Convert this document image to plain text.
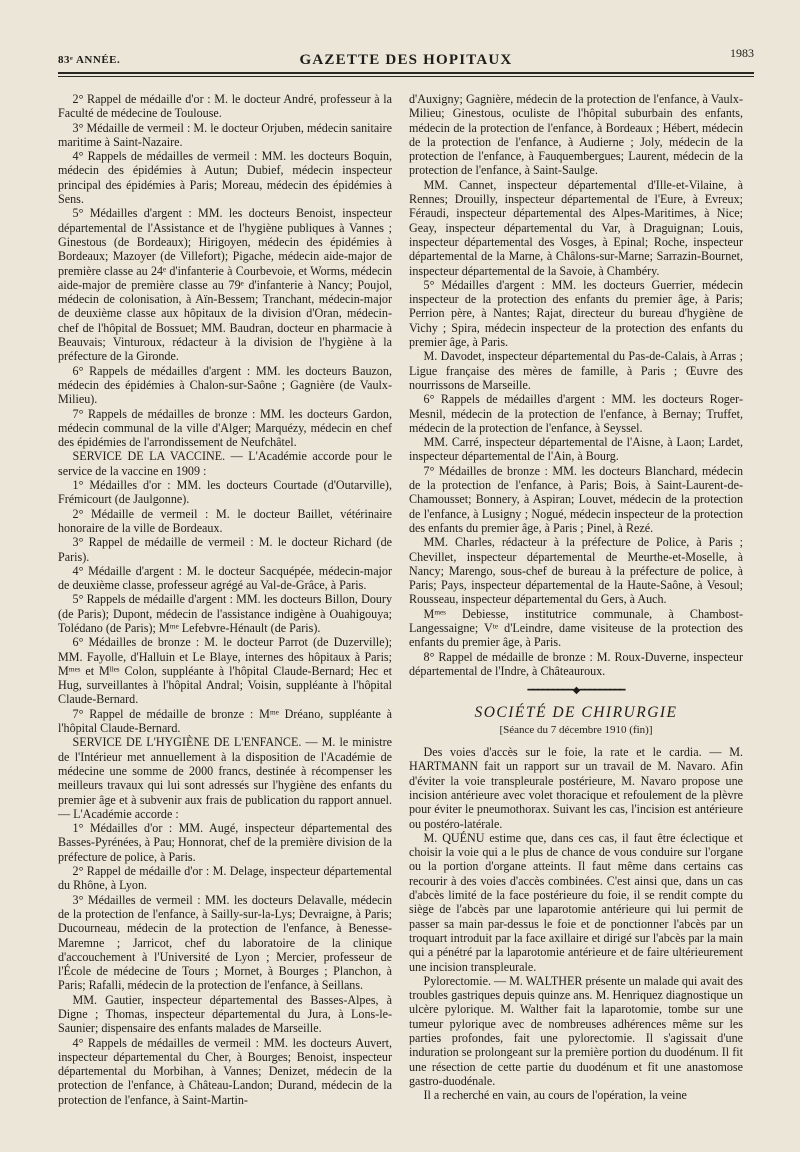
83ᵉ ANNÉE.	GAZETTE DES HOPITAUX	1983

2° Rappel de médaille d'or : M. le docteur André, professeur à la Faculté de médecine de Toulouse.

3° Médaille de vermeil : M. le docteur Orjuben, médecin sanitaire maritime à Saint-Nazaire.

4° Rappels de médailles de vermeil : MM. les docteurs Boquin, médecin des épidémies à Autun; Dubief, médecin inspecteur principal des épidémies à Paris; Moreau, médecin des épidémies à Sens.

5° Médailles d'argent : MM. les docteurs Benoist, inspecteur départemental de l'Assistance et de l'hygiène publiques à Vannes ; Ginestous (de Bordeaux); Hirigoyen, médecin des épidémies à Bordeaux; Mazoyer (de Villefort); Pigache, médecin aide-major de première classe au 24ᵉ d'infanterie à Courbevoie, et Worms, médecin aide-major de première classe au 79ᵉ d'infanterie à Nancy; Poujol, médecin de colonisation, à Aïn-Bessem; Tranchant, médecin-major de deuxième classe aux hôpitaux de la division d'Oran, médecin-chef de l'hôpital de Bossuet; MM. Baudran, docteur en pharmacie à Beauvais; Vinturoux, rédacteur à la division de l'hygiène à la préfecture de la Gironde.

6° Rappels de médailles d'argent : MM. les docteurs Bauzon, médecin des épidémies à Chalon-sur-Saône ; Gagnière (de Vaulx-Milieu).

7° Rappels de médailles de bronze : MM. les docteurs Gardon, médecin communal de la ville d'Alger; Marquézy, médecin en chef des épidémies de l'arrondissement de Neufchâtel.

SERVICE DE LA VACCINE. — L'Académie accorde pour le service de la vaccine en 1909 :

1° Médailles d'or : MM. les docteurs Courtade (d'Outarville), Frémicourt (de Jaulgonne).

2° Médaille de vermeil : M. le docteur Baillet, vétérinaire honoraire de la ville de Bordeaux.

3° Rappel de médaille de vermeil : M. le docteur Richard (de Paris).

4° Médaille d'argent : M. le docteur Sacquépée, médecin-major de deuxième classe, professeur agrégé au Val-de-Grâce, à Paris.

5° Rappels de médaille d'argent : MM. les docteurs Billon, Doury (de Paris); Dupont, médecin de l'assistance indigène à Ouahigouya; Tolédano (de Paris); Mᵐᵉ Lefebvre-Hénault (de Paris).

6° Médailles de bronze : M. le docteur Parrot (de Duzerville); MM. Fayolle, d'Halluin et Le Blaye, internes des hôpitaux à Paris; Mᵐᵉˢ et Mˡˡᵉˢ Colon, suppléante à l'hôpital Claude-Bernard; Hec et Hug, surveillantes à l'hôpital Andral; Voisin, suppléante à l'hôpital Claude-Bernard.

7° Rappel de médaille de bronze : Mᵐᵉ Dréano, suppléante à l'hôpital Claude-Bernard.

SERVICE DE L'HYGIÈNE DE L'ENFANCE. — M. le ministre de l'Intérieur met annuellement à la disposition de l'Académie de médecine une somme de 2000 francs, destinée à récompenser les meilleurs travaux qui lui sont adressés sur l'hygiène des enfants du premier âge et à subvenir aux frais de publication du rapport annuel. — L'Académie accorde :

1° Médailles d'or : MM. Augé, inspecteur départemental des Basses-Pyrénées, à Pau; Honnorat, chef de la première division de la préfecture de police, à Paris.

2° Rappel de médaille d'or : M. Delage, inspecteur départemental du Rhône, à Lyon.

3° Médailles de vermeil : MM. les docteurs Delavalle, médecin de la protection de l'enfance, à Sailly-sur-la-Lys; Devraigne, à Paris; Ducourneau, médecin de la protection de l'enfance, à Benesse-Maremne ; Jarricot, chef du laboratoire de la clinique d'accouchement à l'Université de Lyon ; Mercier, professeur de l'École de médecine de Tours ; Mornet, à Bourges ; Planchon, à Paris; Rafalli, médecin de la protection de l'enfance, à Seillans.

MM. Gautier, inspecteur départemental des Basses-Alpes, à Digne ; Thomas, inspecteur départemental du Jura, à Lons-le-Saunier; dispensaire des enfants malades de Marseille.

4° Rappels de médailles de vermeil : MM. les docteurs Auvert, inspecteur départemental du Cher, à Bourges; Benoist, inspecteur départemental du Morbihan, à Vannes; Denizet, médecin de la protection de l'enfance, à Château-Landon; Durand, médecin de la protection de l'enfance, à Saint-Martin-

d'Auxigny; Gagnière, médecin de la protection de l'enfance, à Vaulx-Milieu; Ginestous, oculiste de l'hôpital suburbain des enfants, médecin de la protection de l'enfance, à Bordeaux ; Hébert, médecin de la protection de l'enfance, à Audierne ; Joly, médecin de la protection de l'enfance, à Fauquembergues; Laurent, médecin de la protection de l'enfance, à Saint-Saulge.

MM. Cannet, inspecteur départemental d'Ille-et-Vilaine, à Rennes; Drouilly, inspecteur départemental de l'Eure, à Evreux; Féraudi, inspecteur départemental des Alpes-Maritimes, à Nice; Geay, inspecteur départemental du Var, à Draguignan; Louis, inspecteur départemental des Vosges, à Epinal; Roche, inspecteur départemental de la Marne, à Châlons-sur-Marne; Sarrazin-Bournet, inspecteur départemental de la Savoie, à Chambéry.

5° Médailles d'argent : MM. les docteurs Guerrier, médecin inspecteur de la protection des enfants du premier âge, à Paris; Perrion père, à Nantes; Rajat, directeur du bureau d'hygiène de Vichy ; Spira, médecin inspecteur de la protection des enfants du premier âge, à Paris.

M. Davodet, inspecteur départemental du Pas-de-Calais, à Arras ; Ligue française des mères de famille, à Paris ; Œuvre des nourrissons de Marseille.

6° Rappels de médailles d'argent : MM. les docteurs Roger-Mesnil, médecin de la protection de l'enfance, à Bernay; Truffet, médecin de la protection de l'enfance, à Seyssel.

MM. Carré, inspecteur départemental de l'Aisne, à Laon; Lardet, inspecteur départemental de l'Ain, à Bourg.

7° Médailles de bronze : MM. les docteurs Blanchard, médecin de la protection de l'enfance, à Paris; Bois, à Saint-Laurent-de-Chamousset; Bonnery, à Aspiran; Louvet, médecin de la protection de l'enfance, à Lusigny ; Nogué, médecin inspecteur de la protection des enfants du premier âge, à Paris ; Pinel, à Rezé.

MM. Charles, rédacteur à la préfecture de Police, à Paris ; Chevillet, inspecteur départemental de Meurthe-et-Moselle, à Nancy; Marengo, sous-chef de bureau à la préfecture de police, à Paris; Pays, inspecteur départemental de la Haute-Saône, à Vesoul; Rousseau, inspecteur départemental du Gers, à Auch.

Mᵐᵉˢ Debiesse, institutrice communale, à Chambost-Langessaigne; Vᵗᵉ d'Leindre, dame visiteuse de la protection des enfants du premier âge, à Paris.

8° Rappel de médaille de bronze : M. Roux-Duverne, inspecteur départemental de l'Indre, à Châteauroux.

━━━━━━━━━◆━━━━━━━━━
SOCIÉTÉ DE CHIRURGIE
[Séance du 7 décembre 1910 (fin)]

Des voies d'accès sur le foie, la rate et le cardia. — M. HARTMANN fait un rapport sur un travail de M. Navaro. Afin d'éviter la voie transpleurale postérieure, M. Navaro propose une incision antérieure avec volet thoracique et refoulement de la plèvre pour éviter le pneumothorax. Suivant les cas, l'incision est antérieure ou postéro-latérale.

M. QUÉNU estime que, dans ces cas, il faut être éclectique et choisir la voie qui a le plus de chance de vous conduire sur l'organe ou la portion d'organe atteints. Il faut même dans certains cas recourir à des voies d'accès combinées. C'est ainsi que, dans un cas d'abcès limité de la face postérieure du foie, il se rendit compte du siège de l'abcès par une laparotomie antérieure qui lui permit de passer sa main par-dessus le foie et de ponctionner l'abcès par un troquart introduit par la face axillaire et dirigé sur l'abcès par la main qui a pénétré par la laparotomie antérieure et de faire ultérieurement une incision transpleurale.

Pylorectomie. — M. WALTHER présente un malade qui avait des troubles gastriques depuis quinze ans. M. Henriquez diagnostique un ulcère pylorique. M. Walther fait la laparotomie, tombe sur une tumeur pylorique avec de nombreuses adhérences même sur les parties profondes, fait une pylorectomie. Il s'agissait d'une induration se prolongeant sur la première portion du duodénum. Il fit une résection de cette partie du duodénum et fit une anastomose gastro-duodénale.

Il a recherché en vain, au cours de l'opération, la veine
